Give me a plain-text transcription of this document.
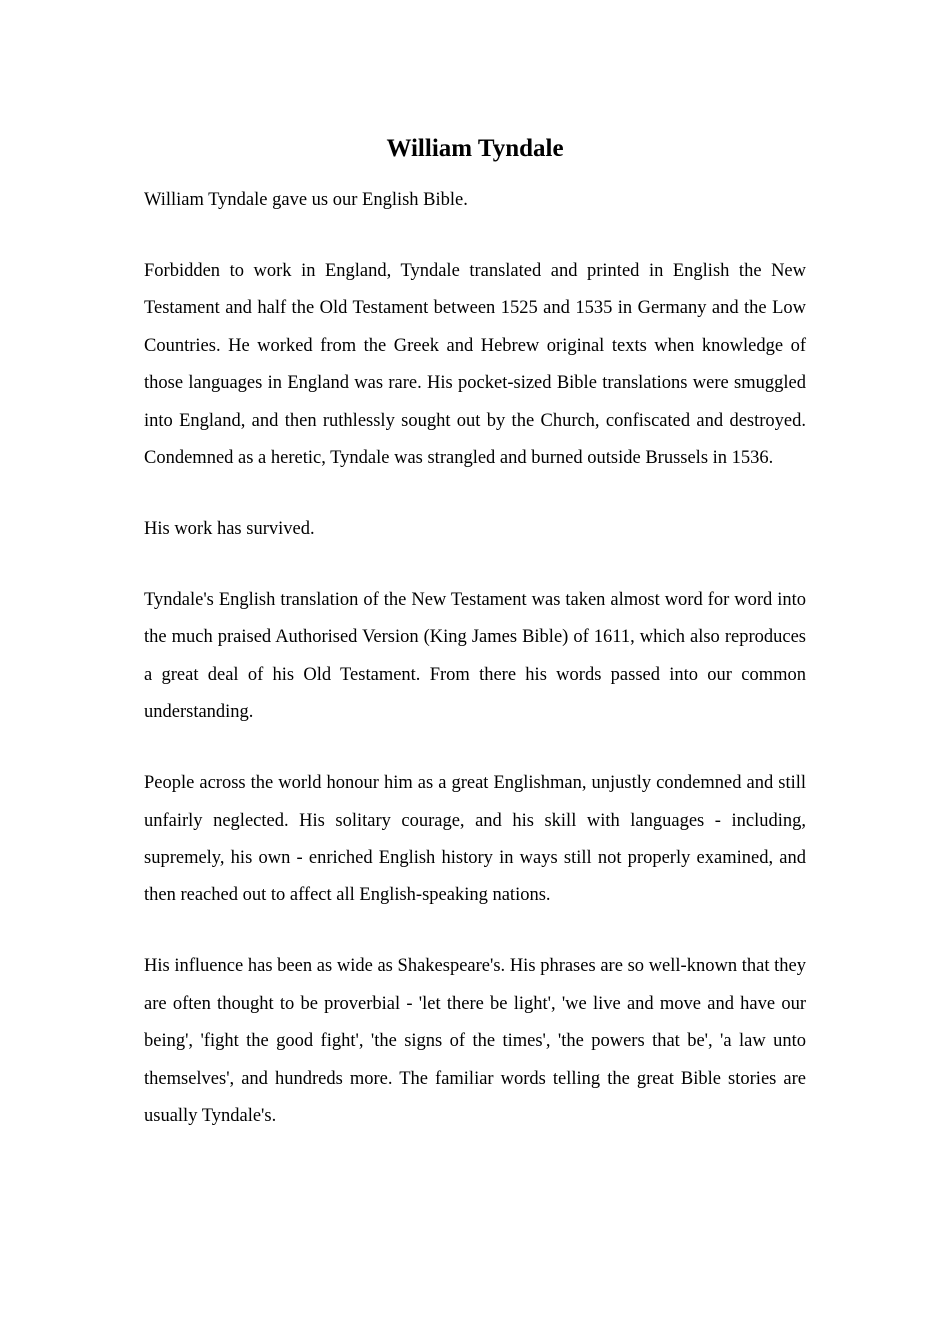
William Tyndale

William Tyndale gave us our English Bible.

Forbidden to work in England, Tyndale translated and printed in English the New Testament and half the Old Testament between 1525 and 1535 in Germany and the Low Countries. He worked from the Greek and Hebrew original texts when knowledge of those languages in England was rare. His pocket-sized Bible translations were smuggled into England, and then ruthlessly sought out by the Church, confiscated and destroyed. Condemned as a heretic, Tyndale was strangled and burned outside Brussels in 1536.

His work has survived.

Tyndale's English translation of the New Testament was taken almost word for word into the much praised Authorised Version (King James Bible) of 1611, which also reproduces a great deal of his Old Testament. From there his words passed into our common understanding.

People across the world honour him as a great Englishman, unjustly condemned and still unfairly neglected. His solitary courage, and his skill with languages - including, supremely, his own - enriched English history in ways still not properly examined, and then reached out to affect all English-speaking nations.

His influence has been as wide as Shakespeare's. His phrases are so well-known that they are often thought to be proverbial - 'let there be light', 'we live and move and have our being', 'fight the good fight', 'the signs of the times', 'the powers that be', 'a law unto themselves', and hundreds more. The familiar words telling the great Bible stories are usually Tyndale's.
